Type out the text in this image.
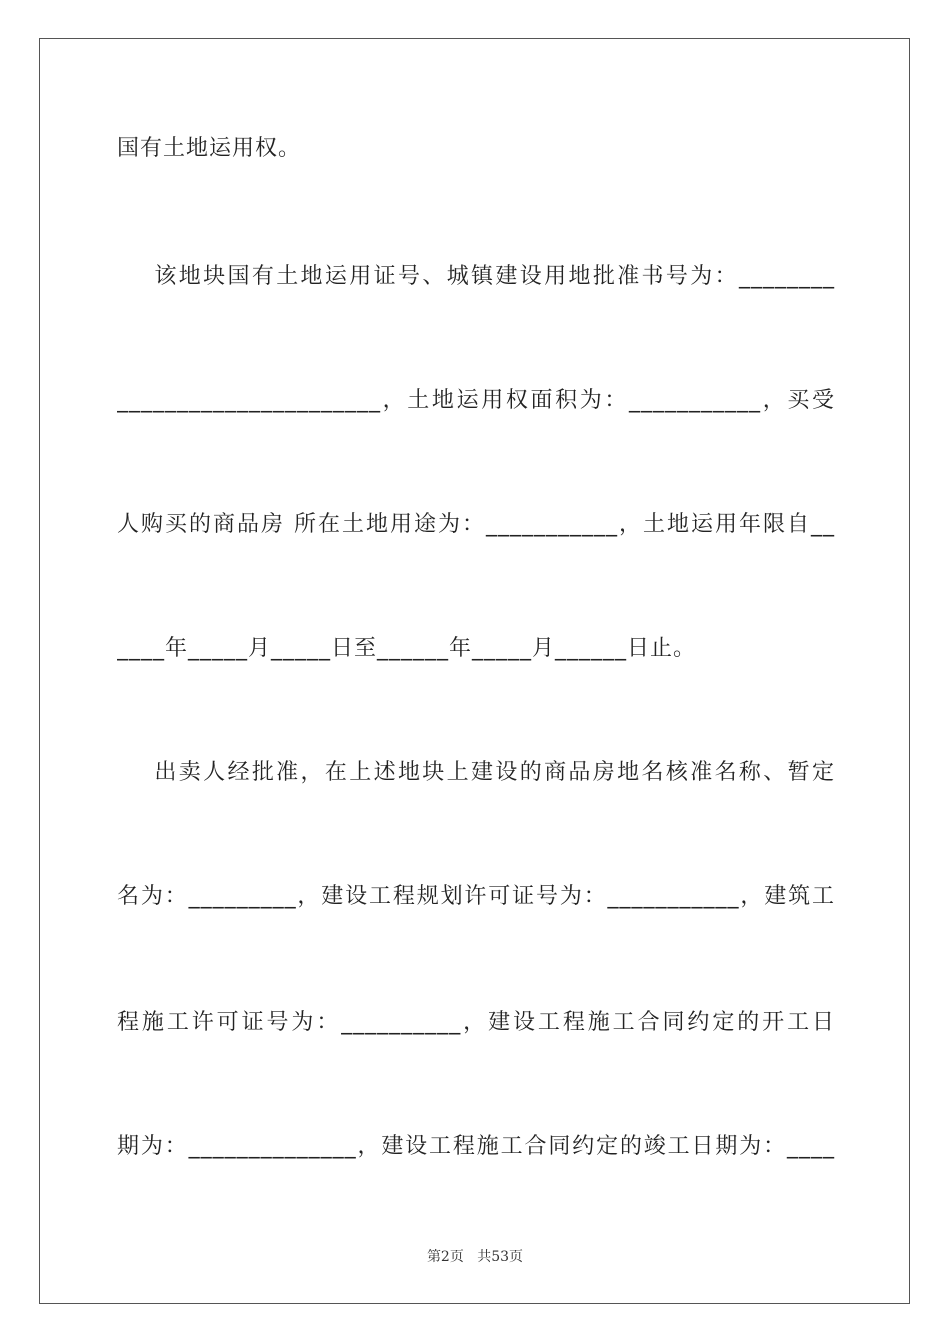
国有土地运用权。
该地块国有土地运用证号、城镇建设用地批准书号为：________
______________________，土地运用权面积为：___________，买受
人购买的商品房 所在土地用途为：___________，土地运用年限自__
____年_____月_____日至______年_____月______日止。
出卖人经批准，在上述地块上建设的商品房地名核准名称、暂定
名为：_________，建设工程规划许可证号为：___________，建筑工
程施工许可证号为：__________，建设工程施工合同约定的开工日
期为：______________，建设工程施工合同约定的竣工日期为：____
第2页 共53页
